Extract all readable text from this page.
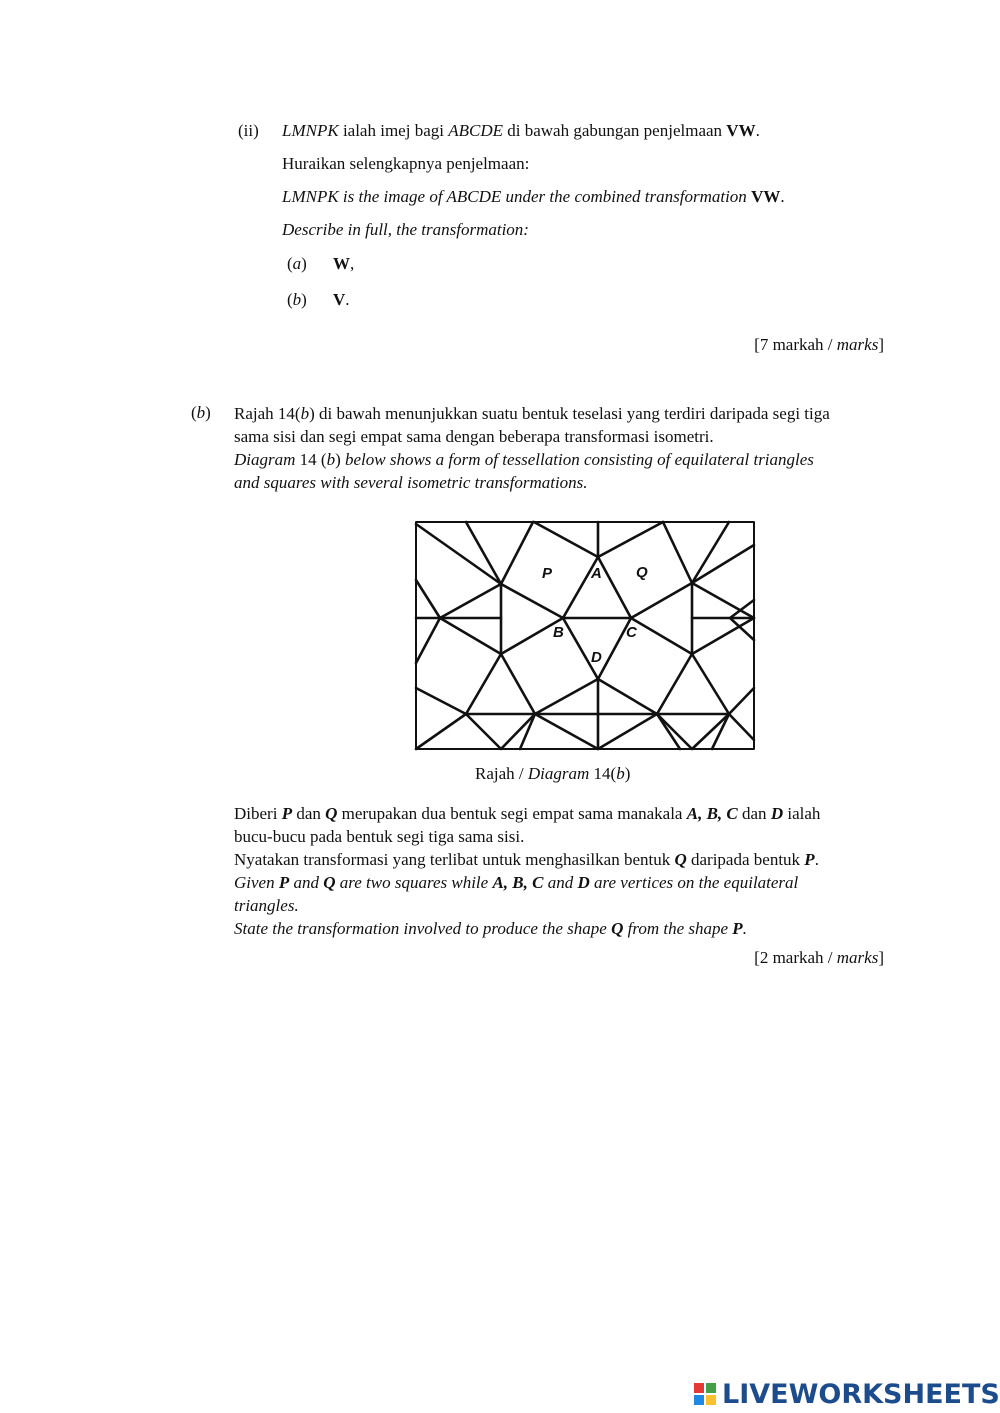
(ii) LMNPK ialah imej bagi ABCDE di bawah gabungan penjelmaan VW.
Huraikan selengkapnya penjelmaan:
LMNPK is the image of ABCDE under the combined transformation VW.
Describe in full, the transformation:
(a) W,
(b) V.
[7 markah / marks]
(b) Rajah 14(b) di bawah menunjukkan suatu bentuk teselasi yang terdiri daripada segi tiga
sama sisi dan segi empat sama dengan beberapa transformasi isometri.
Diagram 14 (b) below shows a form of tessellation consisting of equilateral triangles
and squares with several isometric transformations.
P	A Q
B	C
D
Rajah / Diagram 14(b)
Diberi P dan Q merupakan dua bentuk segi empat sama manakala A, B, C dan D ialah
bucu-bucu pada bentuk segi tiga sama sisi.
Nyatakan transformasi yang terlibat untuk menghasilkan bentuk Q daripada bentuk P.
Given P and Q are two squares while A, B, C and D are vertices on the equilateral
triangles.
State the transformation involved to produce the shape Q from the shape P.
[2 markah / marks]
LIVEWORKSHEETS
